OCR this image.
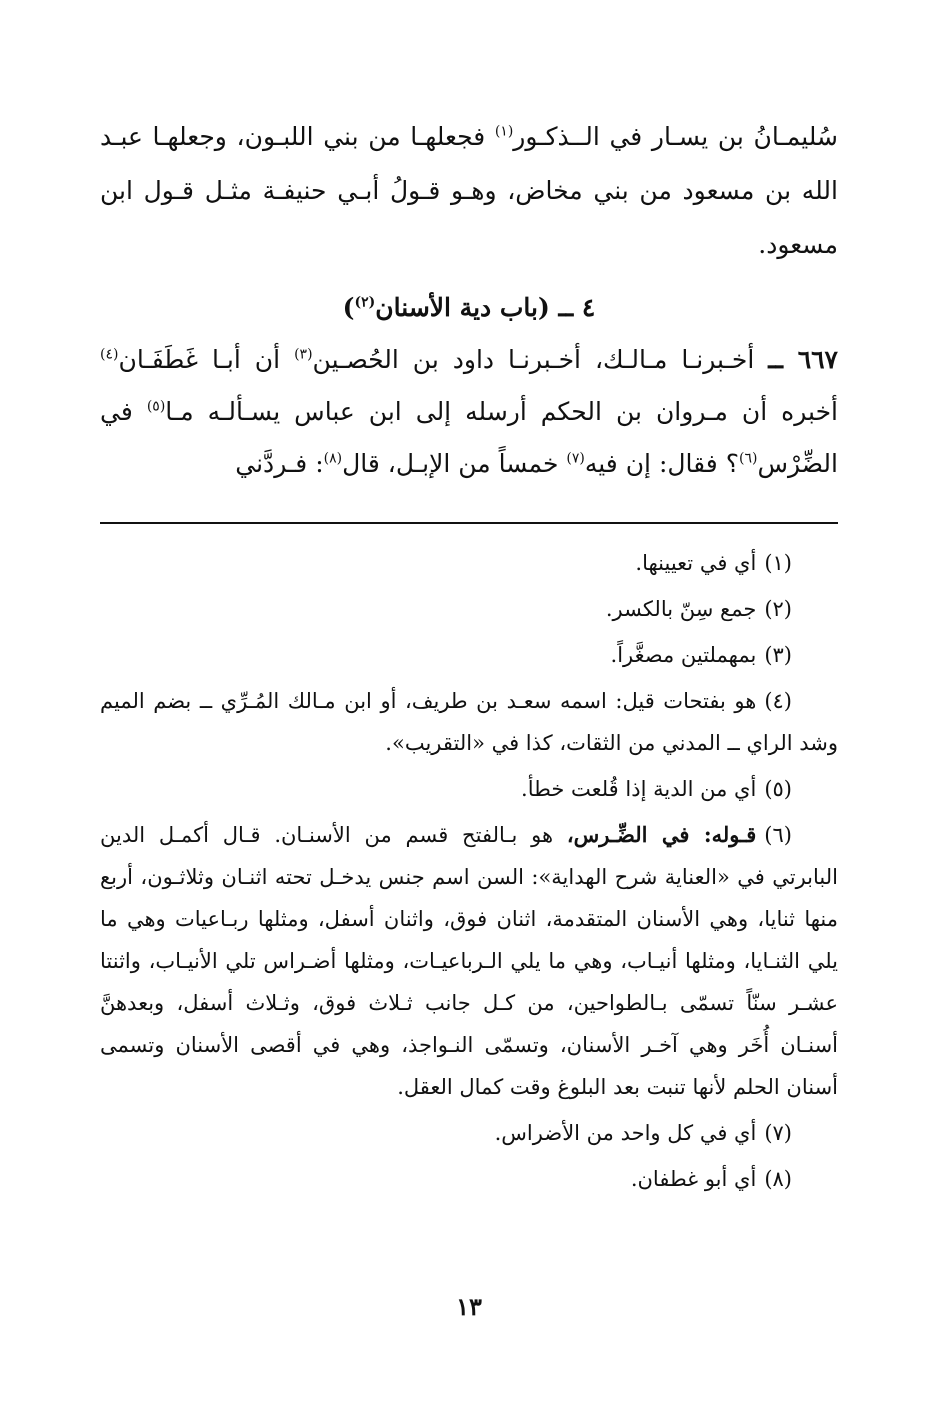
سُليمـانُ بن يسـار في الــذكـور$^{(١)}$ فجعلهـا من بني اللبـون، وجعلهـا عبـد الله بن مسعود من بني مخاض، وهـو قـولُ أبـي حنيفـة مثـل قـول ابن مسعود.

٤ ــ (باب دية الأسنان$^{(٢)}$)

٦٦٧ ــ أخـبرنـا مـالـك، أخـبرنـا داود بن الحُصـين$^{(٣)}$ أن أبـا غَطَفَـان$^{(٤)}$ أخبره أن مـروان بن الحكم أرسله إلى ابن عباس يسـألـه مـا$^{(٥)}$ في الضِّرْس$^{(٦)}$؟ فقال: إن فيه$^{(٧)}$ خمساً من الإبـل، قال$^{(٨)}$: فـردَّني

(١)أي في تعيينها.

(٢)جمع سِنّ بالكسر.

(٣)بمهملتين مصغَّراً.

(٤)هو بفتحات قيل: اسمه سعـد بن طريف، أو ابن مـالك المُـرِّي ــ بضم الميم وشد الراي ــ المدني من الثقات، كذا في «التقريب».

(٥)أي من الدية إذا قُلعت خطأ.

(٦)قـوله: في الضِّـرس، هو بـالفتح قسم من الأسنـان. قـال أكمـل الدين البابرتي في «العناية شرح الهداية»: السن اسم جنس يدخـل تحته اثنـان وثلاثـون، أربع منها ثنايا، وهي الأسنان المتقدمة، اثنان فوق، واثنان أسفل، ومثلها ربـاعيات وهي ما يلي الثنـايا، ومثلها أنيـاب، وهي ما يلي الـرباعيـات، ومثلها أضـراس تلي الأنيـاب، واثنتا عشـر سنّاً تسمّى بـالطواحين، من كـل جانب ثـلاث فوق، وثـلاث أسفل، وبعدهنَّ أسنـان أُخَر وهي آخـر الأسنان، وتسمّى النـواجذ، وهي في أقصى الأسنان وتسمى أسنان الحلم لأنها تنبت بعد البلوغ وقت كمال العقل.

(٧)أي في كل واحد من الأضراس.

(٨)أي أبو غطفان.

١٣
